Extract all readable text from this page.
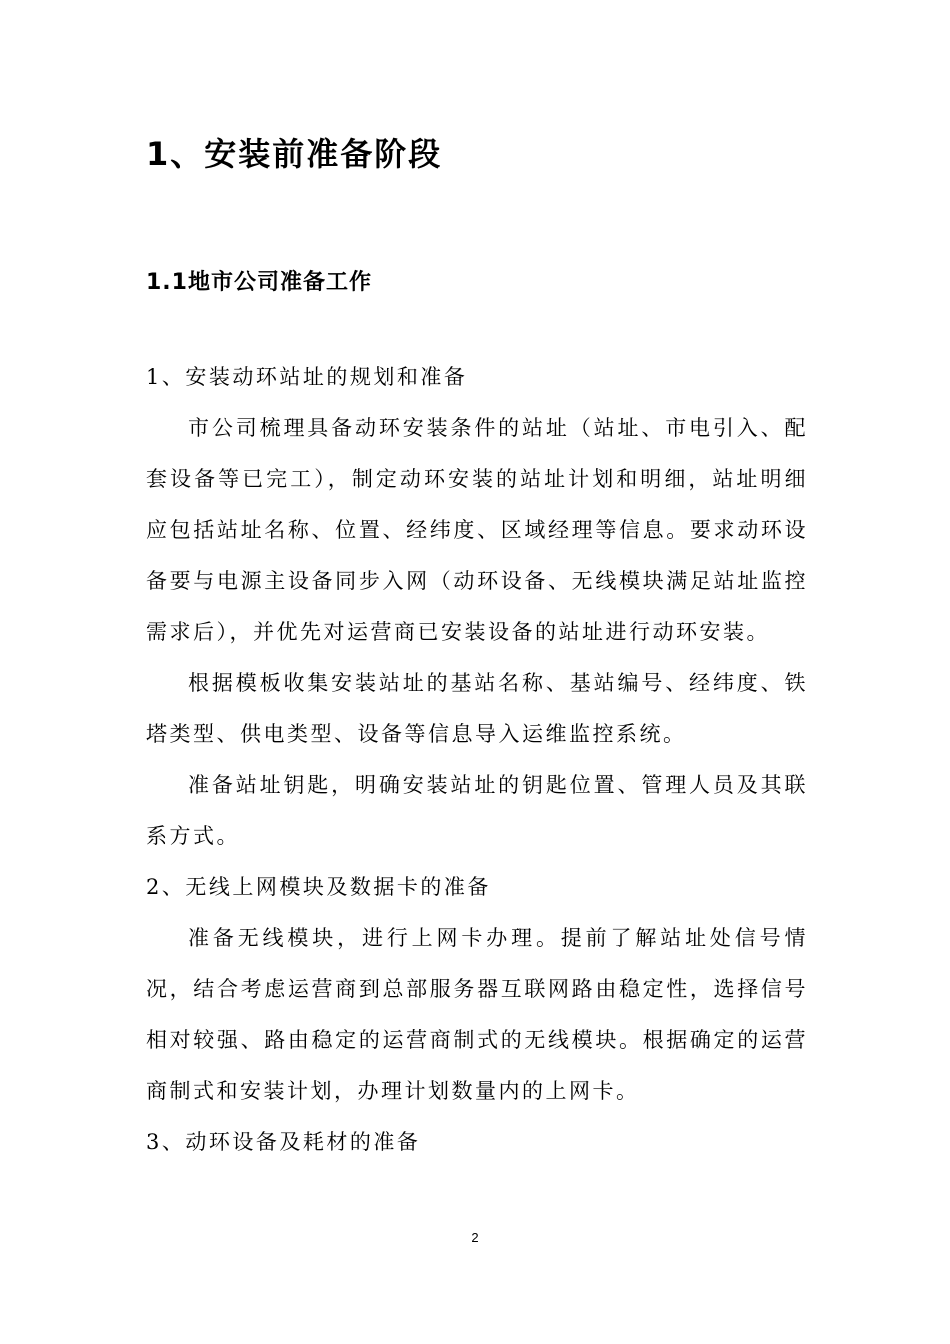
1、安装前准备阶段
1.1地市公司准备工作

1、安装动环站址的规划和准备

市公司梳理具备动环安装条件的站址（站址、市电引入、配套设备等已完工），制定动环安装的站址计划和明细，站址明细应包括站址名称、位置、经纬度、区域经理等信息。要求动环设备要与电源主设备同步入网（动环设备、无线模块满足站址监控需求后），并优先对运营商已安装设备的站址进行动环安装。

根据模板收集安装站址的基站名称、基站编号、经纬度、铁塔类型、供电类型、设备等信息导入运维监控系统。

准备站址钥匙，明确安装站址的钥匙位置、管理人员及其联系方式。

2、无线上网模块及数据卡的准备

准备无线模块，进行上网卡办理。提前了解站址处信号情况，结合考虑运营商到总部服务器互联网路由稳定性，选择信号相对较强、路由稳定的运营商制式的无线模块。根据确定的运营商制式和安装计划，办理计划数量内的上网卡。

3、动环设备及耗材的准备

2
